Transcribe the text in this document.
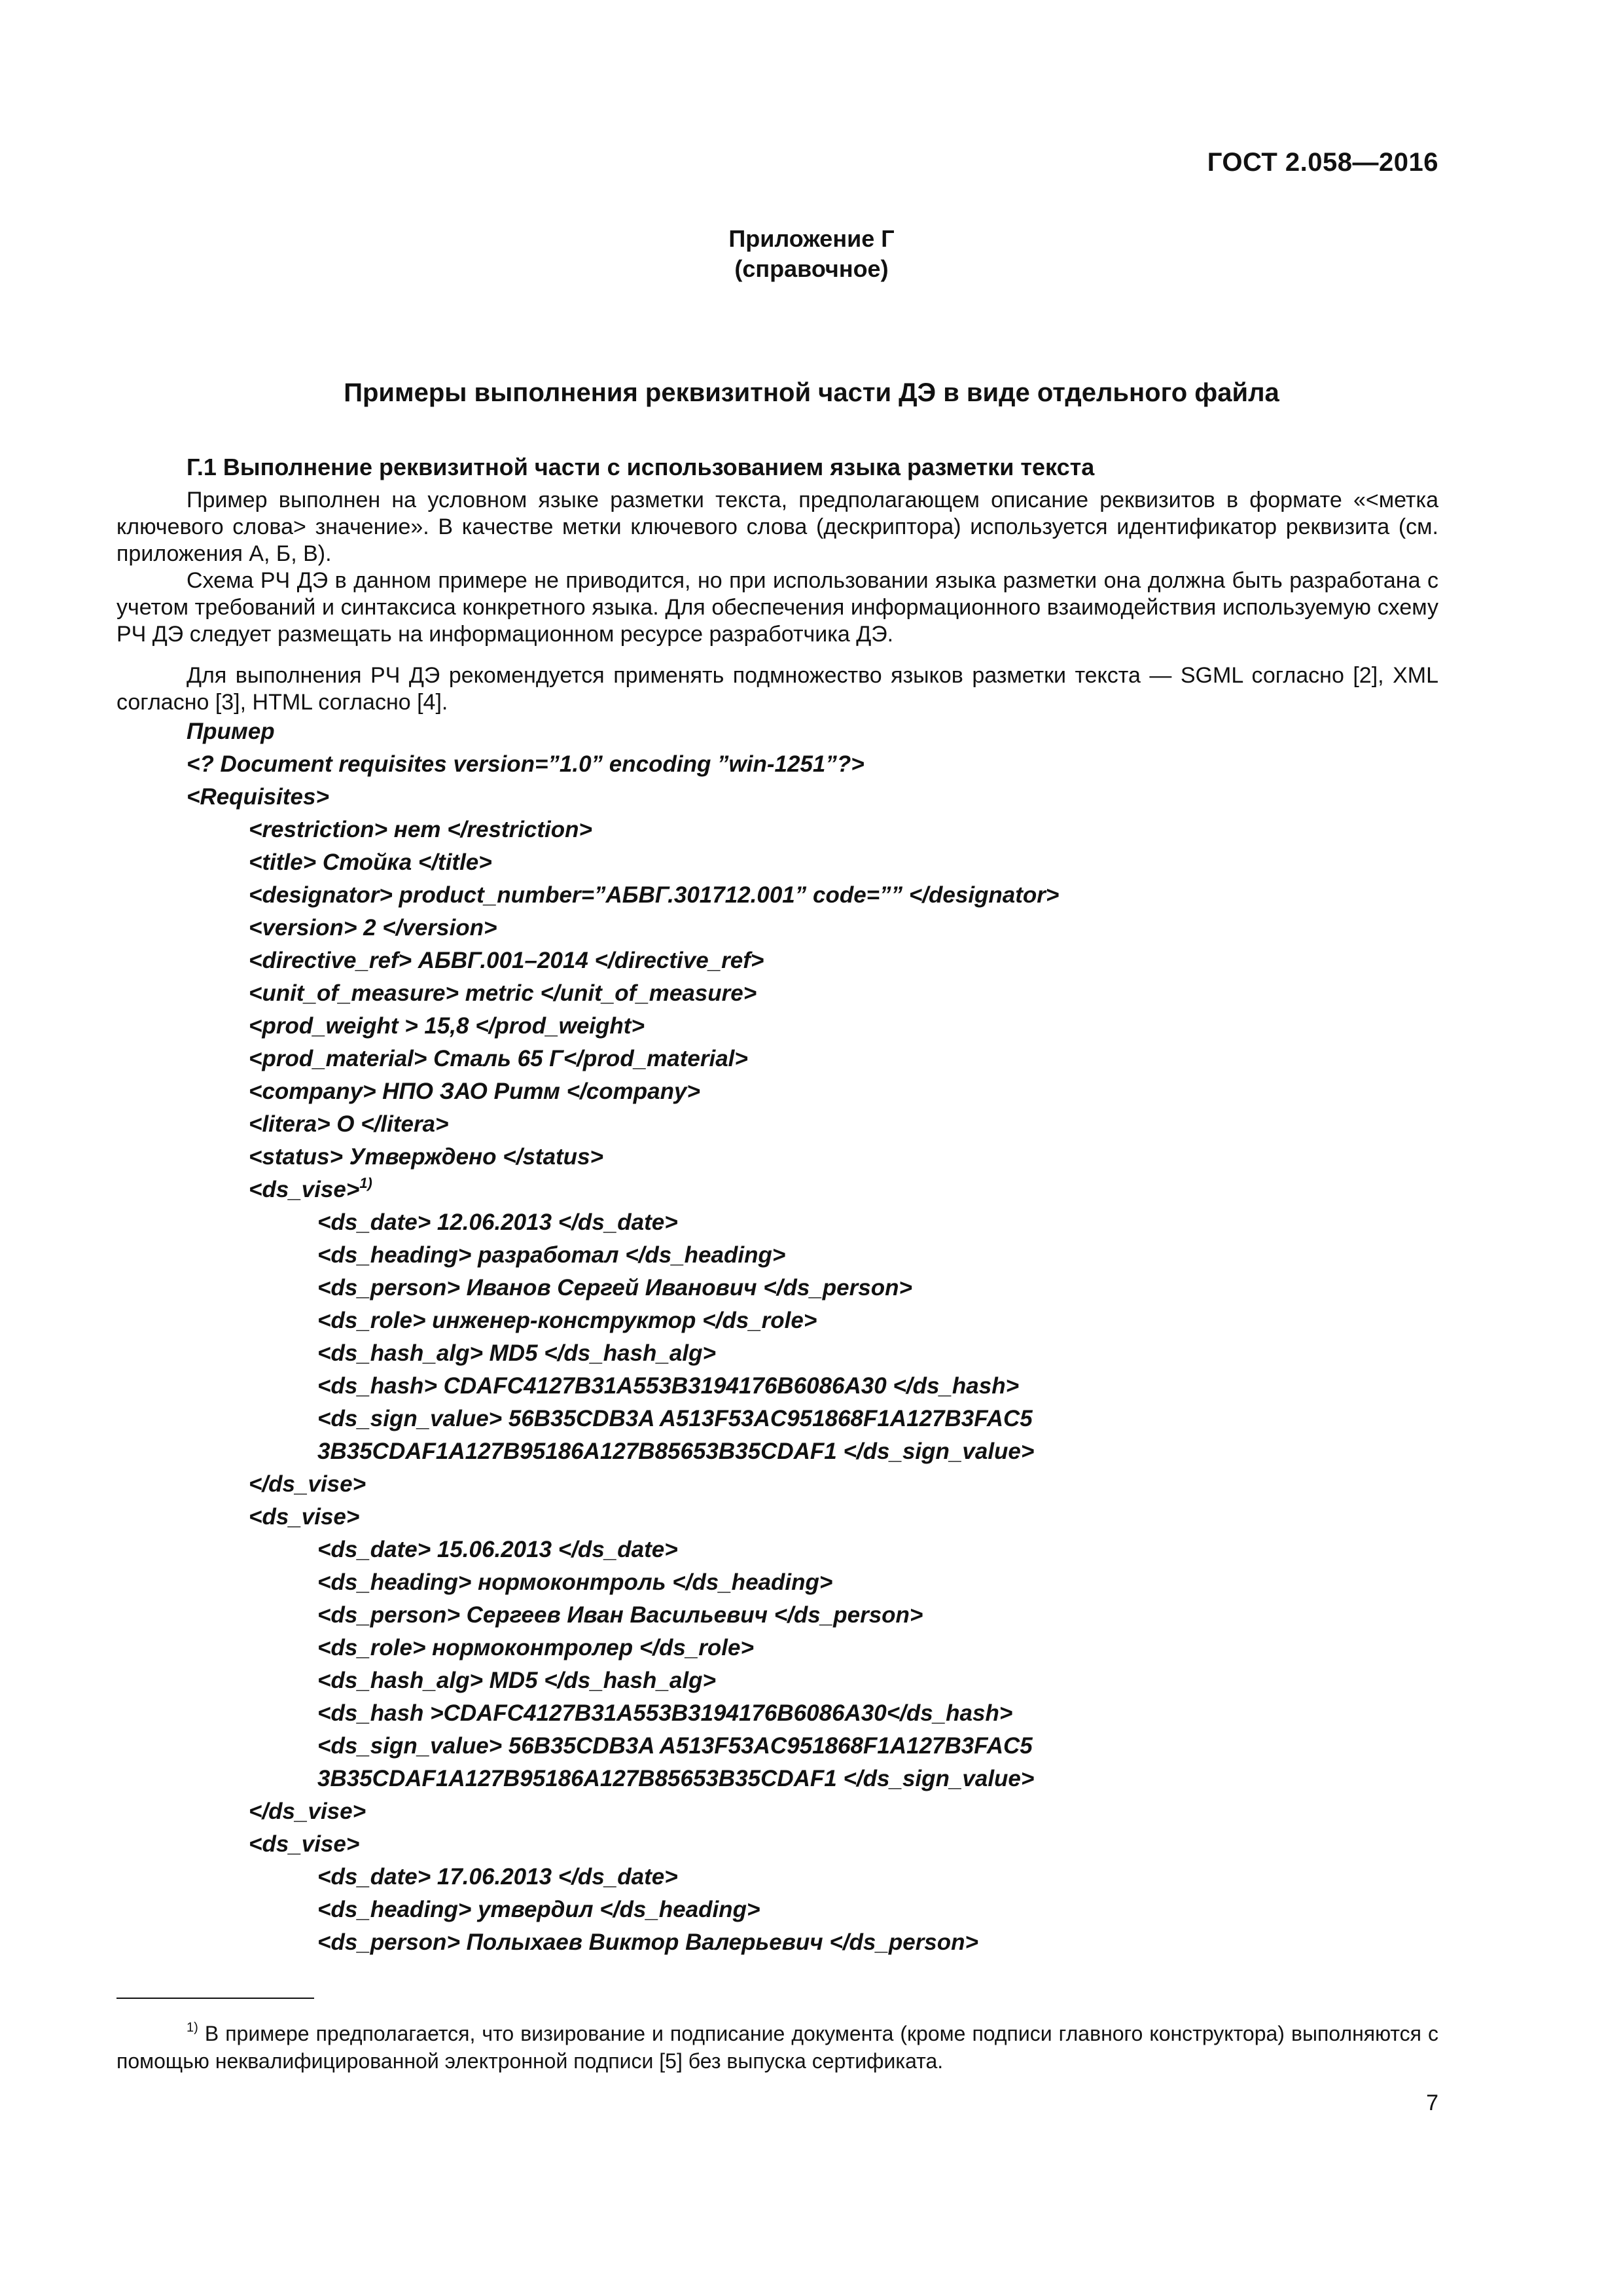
ГОСТ 2.058—2016
Приложение Г
(справочное)
Примеры выполнения реквизитной части ДЭ в виде отдельного файла
Г.1 Выполнение реквизитной части с использованием языка разметки текста
Пример выполнен на условном языке разметки текста, предполагающем описание реквизитов в формате «<метка ключевого слова> значение». В качестве метки ключевого слова (дескриптора) используется идентификатор реквизита (см. приложения А, Б, В).
Схема РЧ ДЭ в данном примере не приводится, но при использовании языка разметки она должна быть разработана с учетом требований и синтаксиса конкретного языка. Для обеспечения информационного взаимодействия используемую схему РЧ ДЭ следует размещать на информационном ресурсе разработчика ДЭ.
Для выполнения РЧ ДЭ рекомендуется применять подмножество языков разметки текста — SGML согласно [2], XML согласно [3], HTML согласно [4].
Пример
<? Document requisites version=”1.0” encoding ”win-1251”?>
<Requisites>
<restriction> нет </restriction>
<title> Стойка </title>
<designator> product_number=”АБВГ.301712.001” code=”” </designator>
<version> 2 </version>
<directive_ref> АБВГ.001–2014 </directive_ref>
<unit_of_measure> metric </unit_of_measure>
<prod_weight > 15,8 </prod_weight>
<prod_material> Сталь 65 Г</prod_material>
<company> НПО ЗАО Ритм </company>
<litera> О </litera>
<status> Утверждено </status>
<ds_vise>$^{1)}$
<ds_date> 12.06.2013 </ds_date>
<ds_heading> разработал </ds_heading>
<ds_person> Иванов Сергей Иванович </ds_person>
<ds_role> инженер-конструктор </ds_role>
<ds_hash_alg> MD5 </ds_hash_alg>
<ds_hash> CDAFC4127B31A553B3194176B6086A30 </ds_hash>
<ds_sign_value> 56B35CDB3A A513F53AC951868F1A127B3FAC5
3B35CDAF1A127B95186A127B85653B35CDAF1 </ds_sign_value>
</ds_vise>
<ds_vise>
<ds_date> 15.06.2013 </ds_date>
<ds_heading> нормоконтроль </ds_heading>
<ds_person> Сергеев Иван Васильевич </ds_person>
<ds_role> нормоконтролер </ds_role>
<ds_hash_alg> MD5 </ds_hash_alg>
<ds_hash >CDAFC4127B31A553B3194176B6086A30</ds_hash>
<ds_sign_value> 56B35CDB3A A513F53AC951868F1A127B3FAC5
3B35CDAF1A127B95186A127B85653B35CDAF1 </ds_sign_value>
</ds_vise>
<ds_vise>
<ds_date> 17.06.2013 </ds_date>
<ds_heading> утвердил </ds_heading>
<ds_person> Полыхаев Виктор Валерьевич </ds_person>
$^{1)}$ В примере предполагается, что визирование и подписание документа (кроме подписи главного конструктора) выполняются с помощью неквалифицированной электронной подписи [5] без выпуска сертификата.
7
